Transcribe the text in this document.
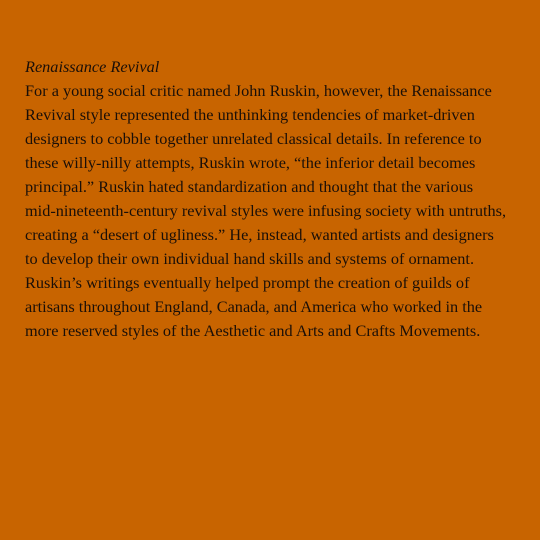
Renaissance Revival

For a young social critic named John Ruskin, however, the Renaissance

Revival style represented the unthinking tendencies of market-driven

designers to cobble together unrelated classical details. In reference to

these willy-nilly attempts, Ruskin wrote, “the inferior detail becomes

principal.” Ruskin hated standardization and thought that the various

mid-nineteenth-century revival styles were infusing society with untruths,

creating a “desert of ugliness.” He, instead, wanted artists and designers

to develop their own individual hand skills and systems of ornament.

Ruskin’s writings eventually helped prompt the creation of guilds of

artisans throughout England, Canada, and America who worked in the

more reserved styles of the Aesthetic and Arts and Crafts Movements.
